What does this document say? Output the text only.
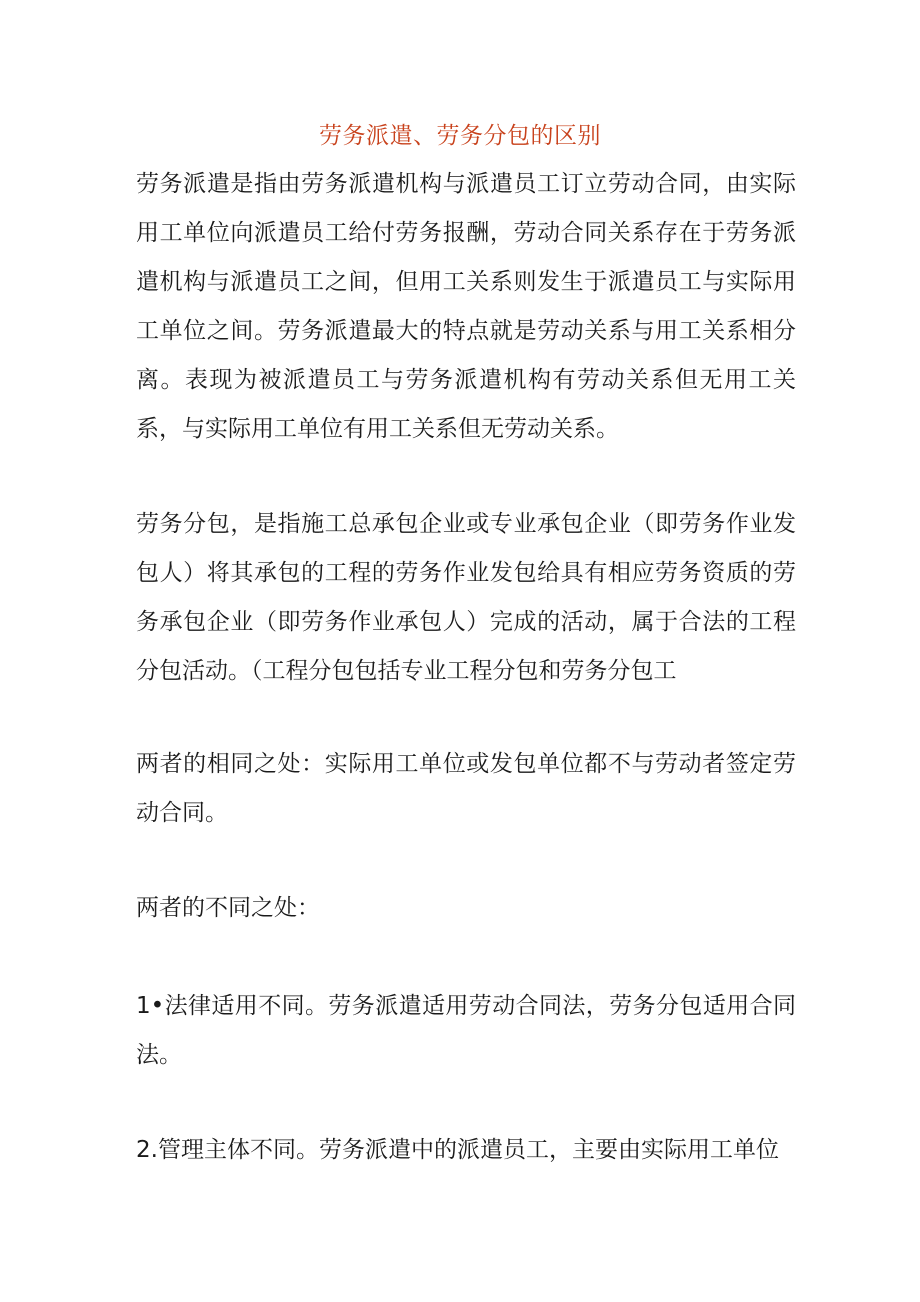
劳务派遣、劳务分包的区别

劳务派遣是指由劳务派遣机构与派遣员工订立劳动合同，由实际用工单位向派遣员工给付劳务报酬，劳动合同关系存在于劳务派遣机构与派遣员工之间，但用工关系则发生于派遣员工与实际用工单位之间。劳务派遣最大的特点就是劳动关系与用工关系相分离。表现为被派遣员工与劳务派遣机构有劳动关系但无用工关系，与实际用工单位有用工关系但无劳动关系。

劳务分包，是指施工总承包企业或专业承包企业（即劳务作业发包人）将其承包的工程的劳务作业发包给具有相应劳务资质的劳务承包企业（即劳务作业承包人）完成的活动，属于合法的工程分包活动。（工程分包包括专业工程分包和劳务分包工

两者的相同之处：实际用工单位或发包单位都不与劳动者签定劳动合同。

两者的不同之处：

1•法律适用不同。劳务派遣适用劳动合同法，劳务分包适用合同法。

2.管理主体不同。劳务派遣中的派遣员工，主要由实际用工单位
